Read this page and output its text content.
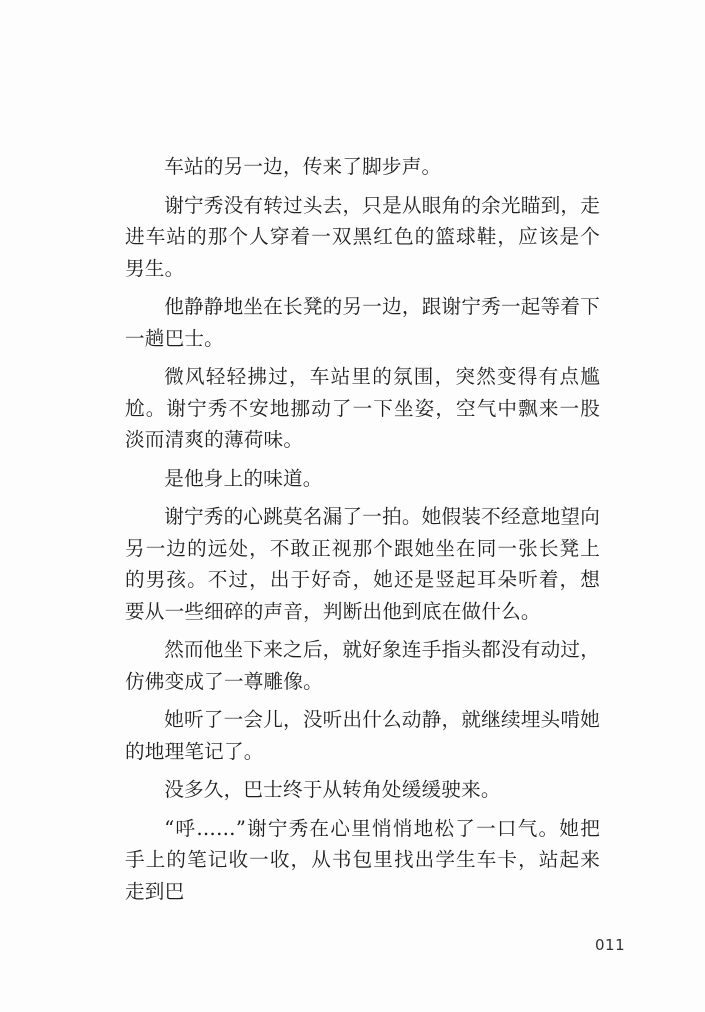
车站的另一边，传来了脚步声。

谢宁秀没有转过头去，只是从眼角的余光瞄到，走进车站的那个人穿着一双黑红色的篮球鞋，应该是个男生。

他静静地坐在长凳的另一边，跟谢宁秀一起等着下一趟巴士。

微风轻轻拂过，车站里的氛围，突然变得有点尴尬。谢宁秀不安地挪动了一下坐姿，空气中飘来一股淡而清爽的薄荷味。

是他身上的味道。

谢宁秀的心跳莫名漏了一拍。她假装不经意地望向另一边的远处，不敢正视那个跟她坐在同一张长凳上的男孩。不过，出于好奇，她还是竖起耳朵听着，想要从一些细碎的声音，判断出他到底在做什么。

然而他坐下来之后，就好象连手指头都没有动过，仿佛变成了一尊雕像。

她听了一会儿，没听出什么动静，就继续埋头啃她的地理笔记了。

没多久，巴士终于从转角处缓缓驶来。

“呼……”谢宁秀在心里悄悄地松了一口气。她把手上的笔记收一收，从书包里找出学生车卡，站起来走到巴

011
